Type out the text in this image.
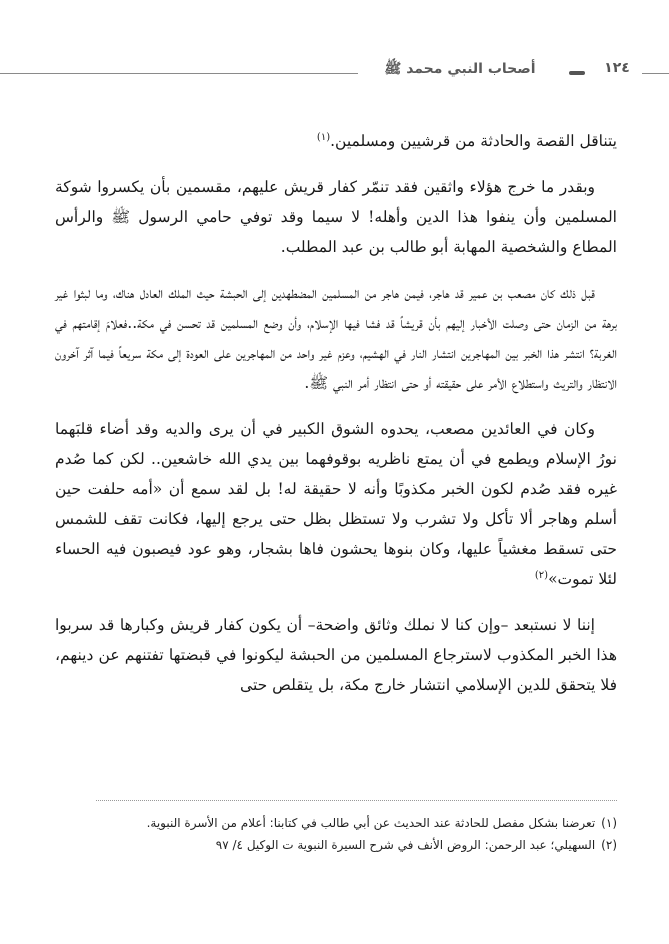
أصحاب النبي محمد ﷺ	١٢٤

يتناقل القصة والحادثة من قرشيين ومسلمين.$^{(١)}$

وبقدر ما خرج هؤلاء واثقين فقد تنمّر كفار قريش عليهم، مقسمين بأن يكسروا شوكة المسلمين وأن ينفوا هذا الدين وأهله! لا سيما وقد توفي حامي الرسول ﷺ والرأس المطاع والشخصية المهابة أبو طالب بن عبد المطلب.

قبل ذلك كان مصعب بن عمير قد هاجر، فيمن هاجر من المسلمين المضطهدين إلى الحبشة حيث الملك العادل هناك، وما لبثوا غير برهة من الزمان حتى وصلت الأخبار إليهم بأن قريشاً قد فشا فيها الإسلام، وأن وضع المسلمين قد تحسن في مكة..فعلامَ إقامتهم في الغربة؟ انتشر هذا الخبر بين المهاجرين انتشار النار في الهشيم، وعزم غير واحد من المهاجرين على العودة إلى مكة سريعاً فيما آثر آخرون الانتظار والتريث واستطلاع الأمر على حقيقته أو حتى انتظار أمر النبي ﷺ.

وكان في العائدين مصعب، يحدوه الشوق الكبير في أن يرى والديه وقد أضاء قلبَهما نورُ الإسلام ويطمع في أن يمتع ناظريه بوقوفهما بين يدي الله خاشعين.. لكن كما صُدم غيره فقد صُدم لكون الخبر مكذوبًا وأنه لا حقيقة له! بل لقد سمع أن «أمه حلفت حين أسلم وهاجر ألا تأكل ولا تشرب ولا تستظل بظل حتى يرجع إليها، فكانت تقف للشمس حتى تسقط مغشياً عليها، وكان بنوها يحشون فاها بشجار، وهو عود فيصبون فيه الحساء لئلا تموت»$^{(٢)}$

إننا لا نستبعد –وإن كنا لا نملك وثائق واضحة– أن يكون كفار قريش وكبارها قد سربوا هذا الخبر المكذوب لاسترجاع المسلمين من الحبشة ليكونوا في قبضتها تفتنهم عن دينهم، فلا يتحقق للدين الإسلامي انتشار خارج مكة، بل يتقلص حتى

(١)تعرضنا بشكل مفصل للحادثة عند الحديث عن أبي طالب في كتابنا: أعلام من الأسرة النبوية.
(٢)السهيلي؛ عبد الرحمن: الروض الأنف في شرح السيرة النبوية ت الوكيل ٤/ ٩٧
